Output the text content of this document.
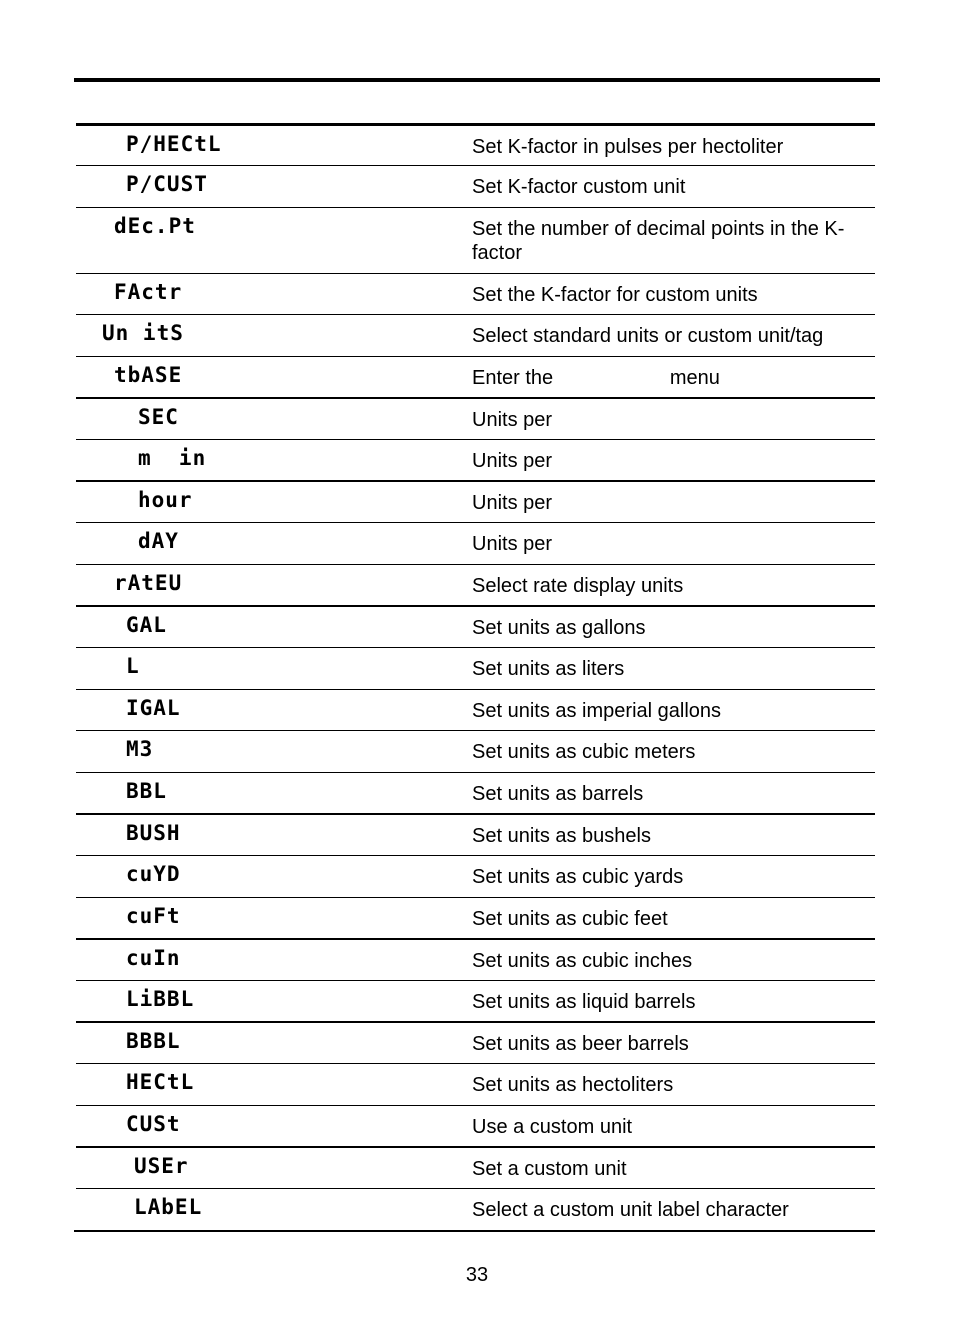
P/HECtL	Set K-factor in pulses per hectoliter
P/CUST	Set K-factor custom unit
dEc.Pt	Set the number of decimal points in the K-factor
FActr	Set the K-factor for custom units
Un itS	Select standard units or custom unit/tag
tbASE	Enter the                     menu
SEC	Units per
m  in	Units per
hour	Units per
dAY	Units per
rAtEU	Select rate display units
GAL	Set units as gallons
L	Set units as liters
IGAL	Set units as imperial gallons
M3	Set units as cubic meters
BBL	Set units as barrels
BUSH	Set units as bushels
cuYD	Set units as cubic yards
cuFt	Set units as cubic feet
cuIn	Set units as cubic inches
LiBBL	Set units as liquid barrels
BBBL	Set units as beer barrels
HECtL	Set units as hectoliters
CUSt	Use a custom unit
USEr	Set a custom unit
LAbEL	Select a custom unit label character
33
